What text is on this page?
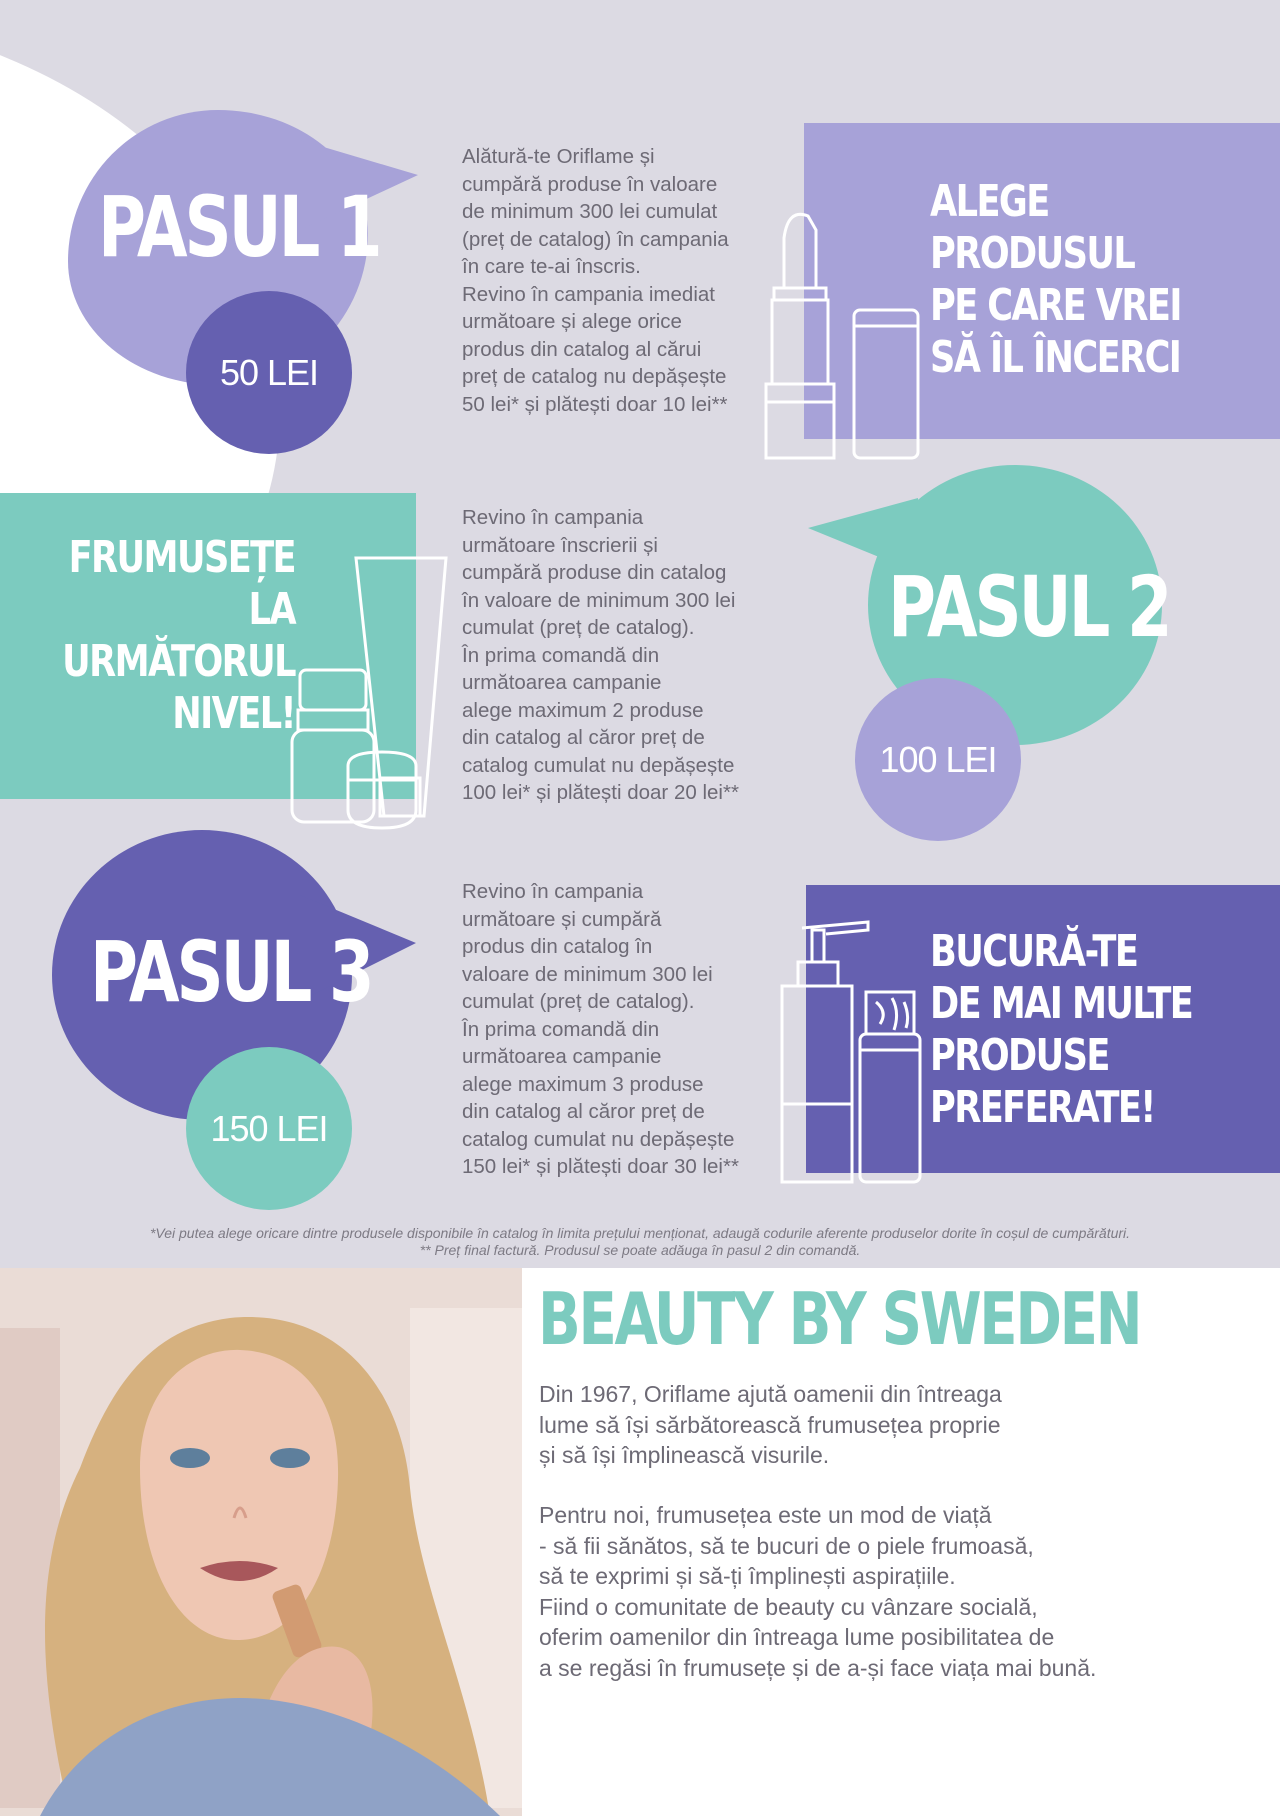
PASUL 1
50 LEI
Alătură-te Oriflame și
cumpără produse în valoare
de minimum 300 lei cumulat
(preț de catalog) în campania
în care te-ai înscris.
Revino în campania imediat
următoare și alege orice
produs din catalog al cărui
preț de catalog nu depășește
50 lei* și plătești doar 10 lei**
ALEGE
PRODUSUL
PE CARE VREI
SĂ ÎL ÎNCERCI
FRUMUSEȚE
LA URMĂTORUL
NIVEL!
Revino în campania
următoare înscrierii și
cumpără produse din catalog
în valoare de minimum 300 lei
cumulat (preț de catalog).
În prima comandă din
următoarea campanie
alege maximum 2 produse
din catalog al căror preț de
catalog cumulat nu depășește
100 lei* și plătești doar 20 lei**
PASUL 2
100 LEI
PASUL 3
150 LEI
Revino în campania
următoare și cumpără
produs din catalog în
valoare de minimum 300 lei
cumulat (preț de catalog).
În prima comandă din
următoarea campanie
alege maximum 3 produse
din catalog al căror preț de
catalog cumulat nu depășește
150 lei* și plătești doar 30 lei**
BUCURĂ-TE
DE MAI MULTE
PRODUSE
PREFERATE!
*Vei putea alege oricare dintre produsele disponibile în catalog în limita prețului menționat, adaugă codurile aferente produselor dorite în coșul de cumpărături.
** Preț final factură. Produsul se poate adăuga în pasul 2 din comandă.
BEAUTY BY SWEDEN
Din 1967, Oriflame ajută oamenii din întreaga
lume să își sărbătorească frumusețea proprie
și să își împlinească visurile.
Pentru noi, frumusețea este un mod de viață
- să fii sănătos, să te bucuri de o piele frumoasă,
să te exprimi și să-ți împlinești aspirațiile.
Fiind o comunitate de beauty cu vânzare socială,
oferim oamenilor din întreaga lume posibilitatea de
a se regăsi în frumusețe și de a-și face viața mai bună.
